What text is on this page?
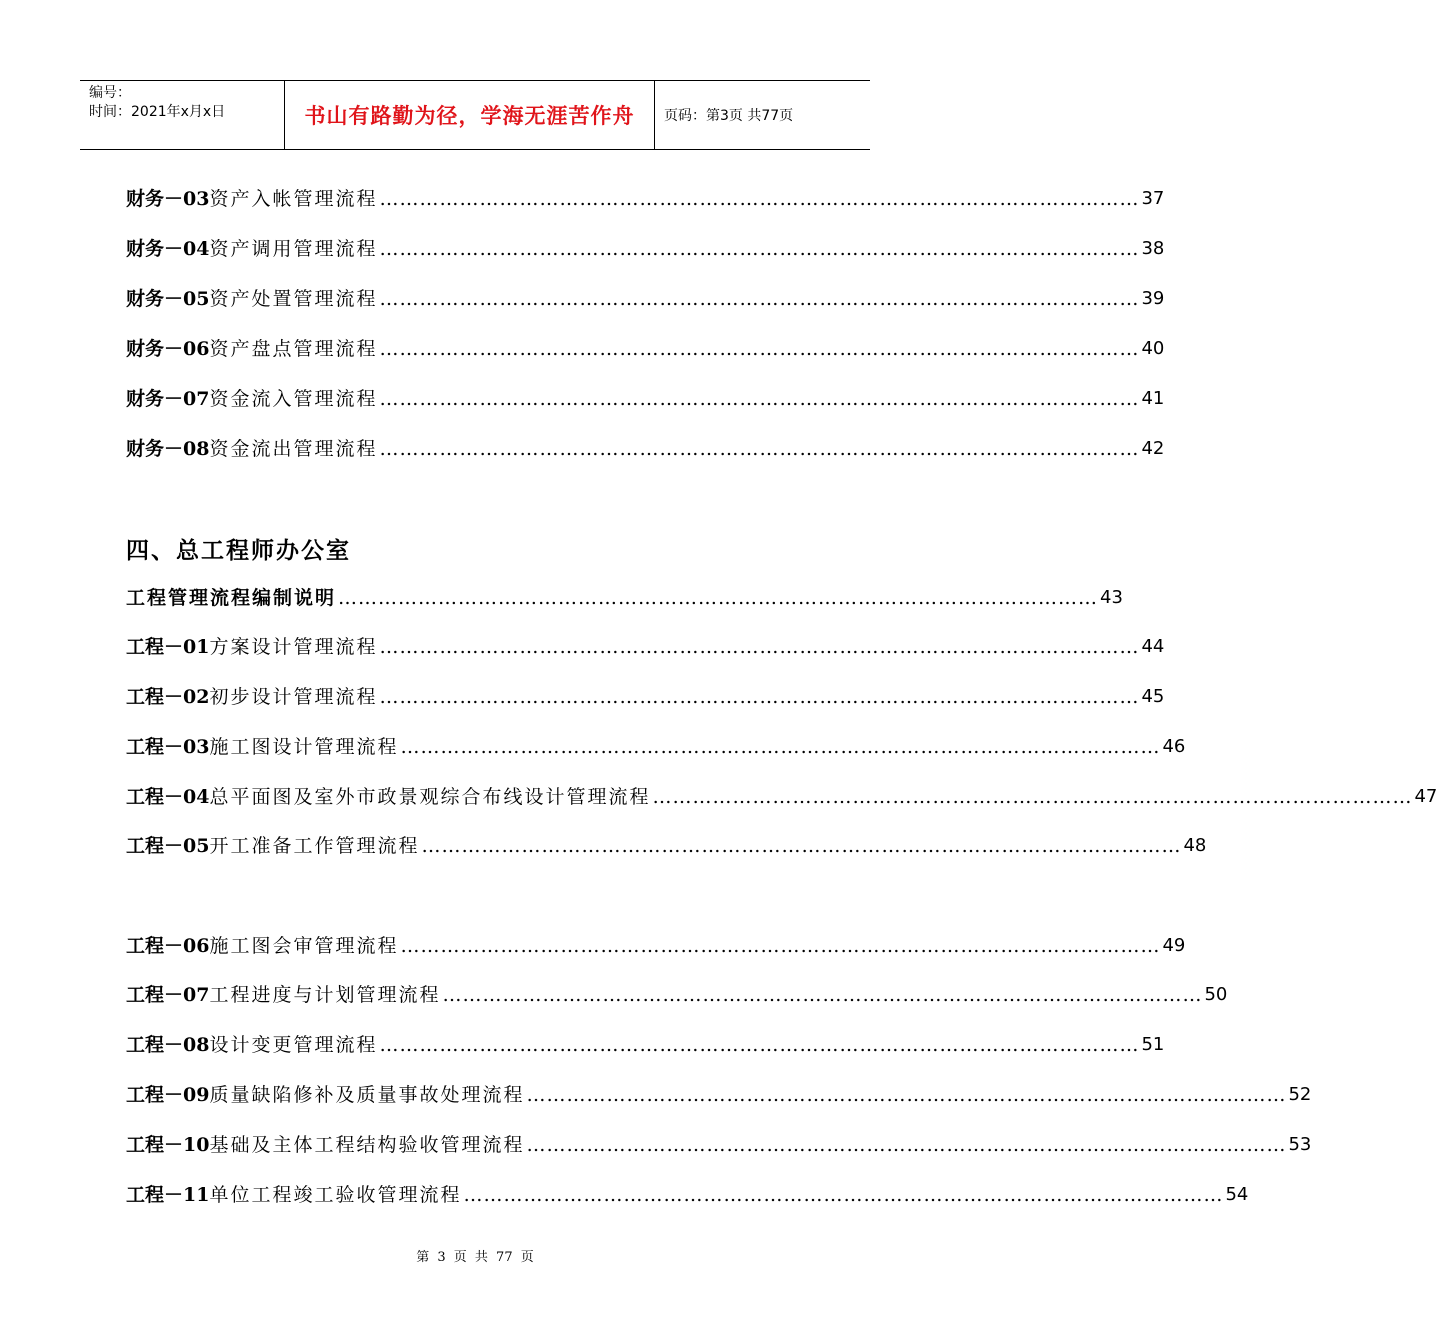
编号：
时间：2021年x月x日	书山有路勤为径，学海无涯苦作舟	页码：第3页 共77页
财务－03 资产入帐管理流程 …………………………………………………………………………………………………… 37
财务－04 资产调用管理流程 …………………………………………………………………………………………………… 38
财务－05 资产处置管理流程 …………………………………………………………………………………………………… 39
财务－06 资产盘点管理流程 …………………………………………………………………………………………………… 40
财务－07 资金流入管理流程 …………………………………………………………………………………………………… 41
财务－08 资金流出管理流程 …………………………………………………………………………………………………… 42
四、总工程师办公室
工程管理流程编制说明 …………………………………………………………………………………………………… 43
工程－01 方案设计管理流程 …………………………………………………………………………………………………… 44
工程－02 初步设计管理流程 …………………………………………………………………………………………………… 45
工程－03 施工图设计管理流程 …………………………………………………………………………………………………… 46
工程－04 总平面图及室外市政景观综合布线设计管理流程 …………………………………………………………………………………………………… 47
工程－05 开工准备工作管理流程 …………………………………………………………………………………………………… 48
工程－06 施工图会审管理流程 …………………………………………………………………………………………………… 49
工程－07 工程进度与计划管理流程 …………………………………………………………………………………………………… 50
工程－08 设计变更管理流程 …………………………………………………………………………………………………… 51
工程－09 质量缺陷修补及质量事故处理流程 …………………………………………………………………………………………………… 52
工程－10 基础及主体工程结构验收管理流程 …………………………………………………………………………………………………… 53
工程－11 单位工程竣工验收管理流程 …………………………………………………………………………………………………… 54
第 3 页 共 77 页
